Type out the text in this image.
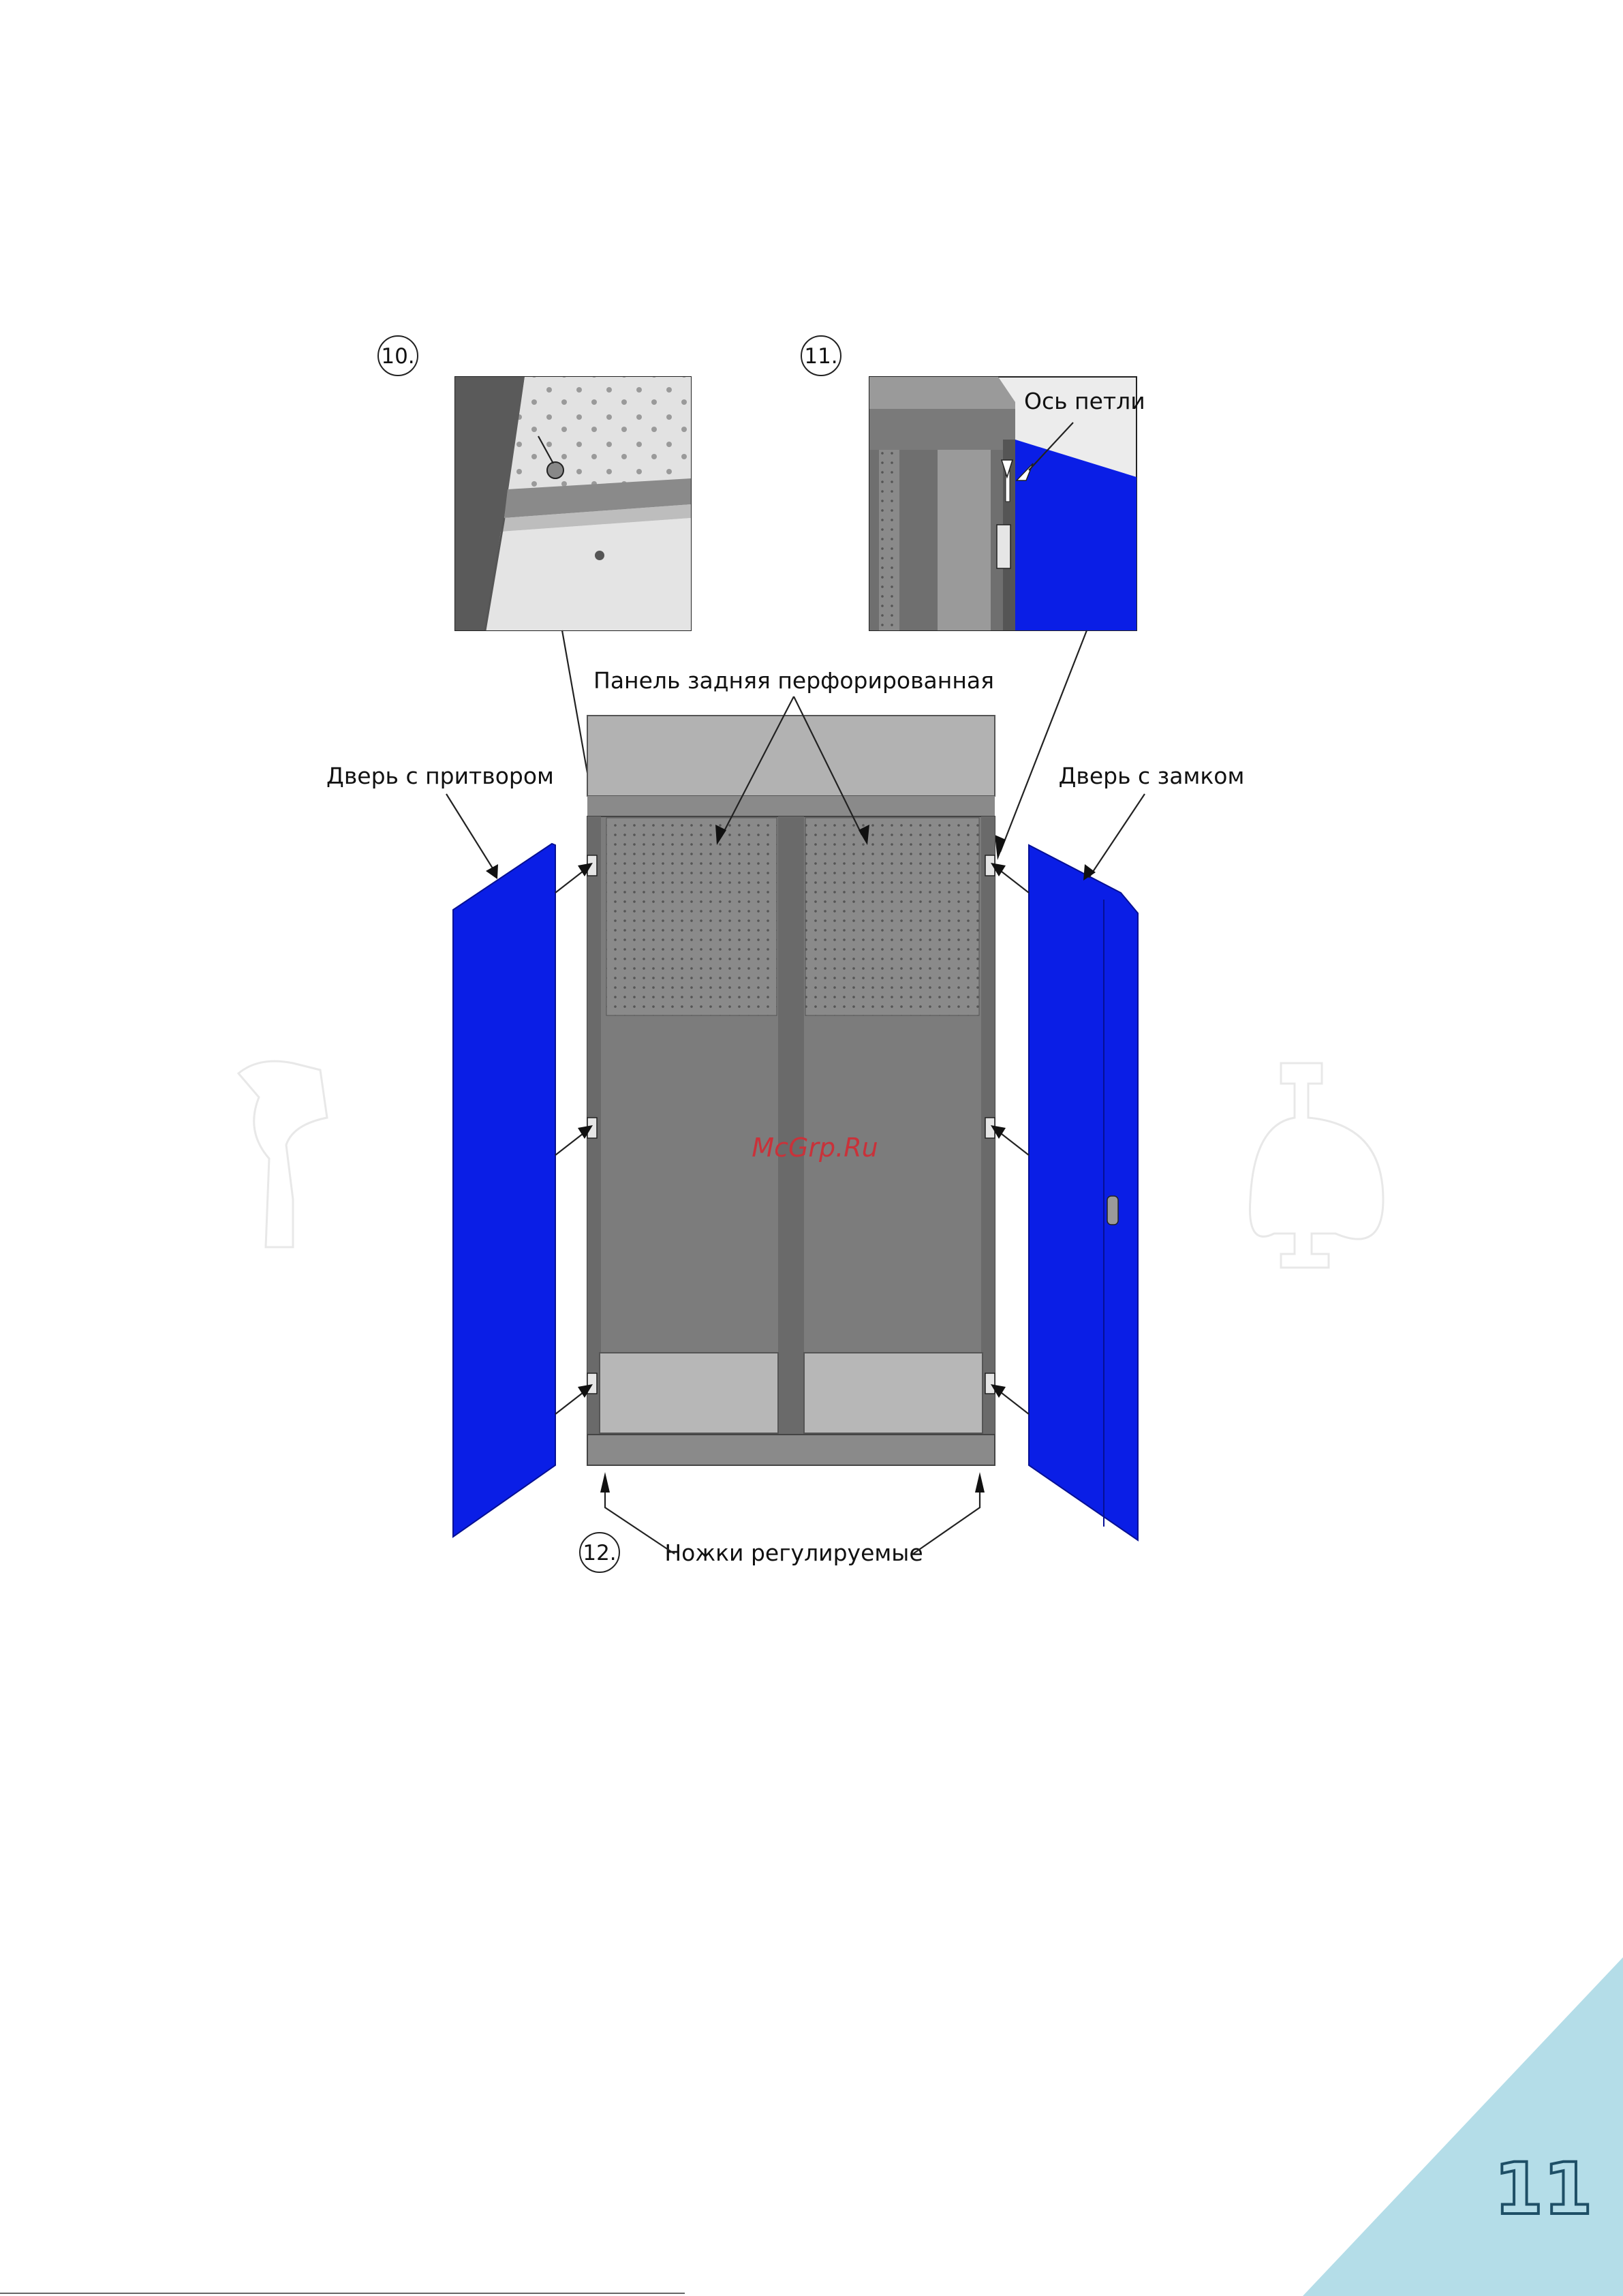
10.	11.
Ось петли
Панель задняя перфорированная
Дверь с притвором	Дверь с замком
12. Ножки регулируемые
McGrp.Ru
11
